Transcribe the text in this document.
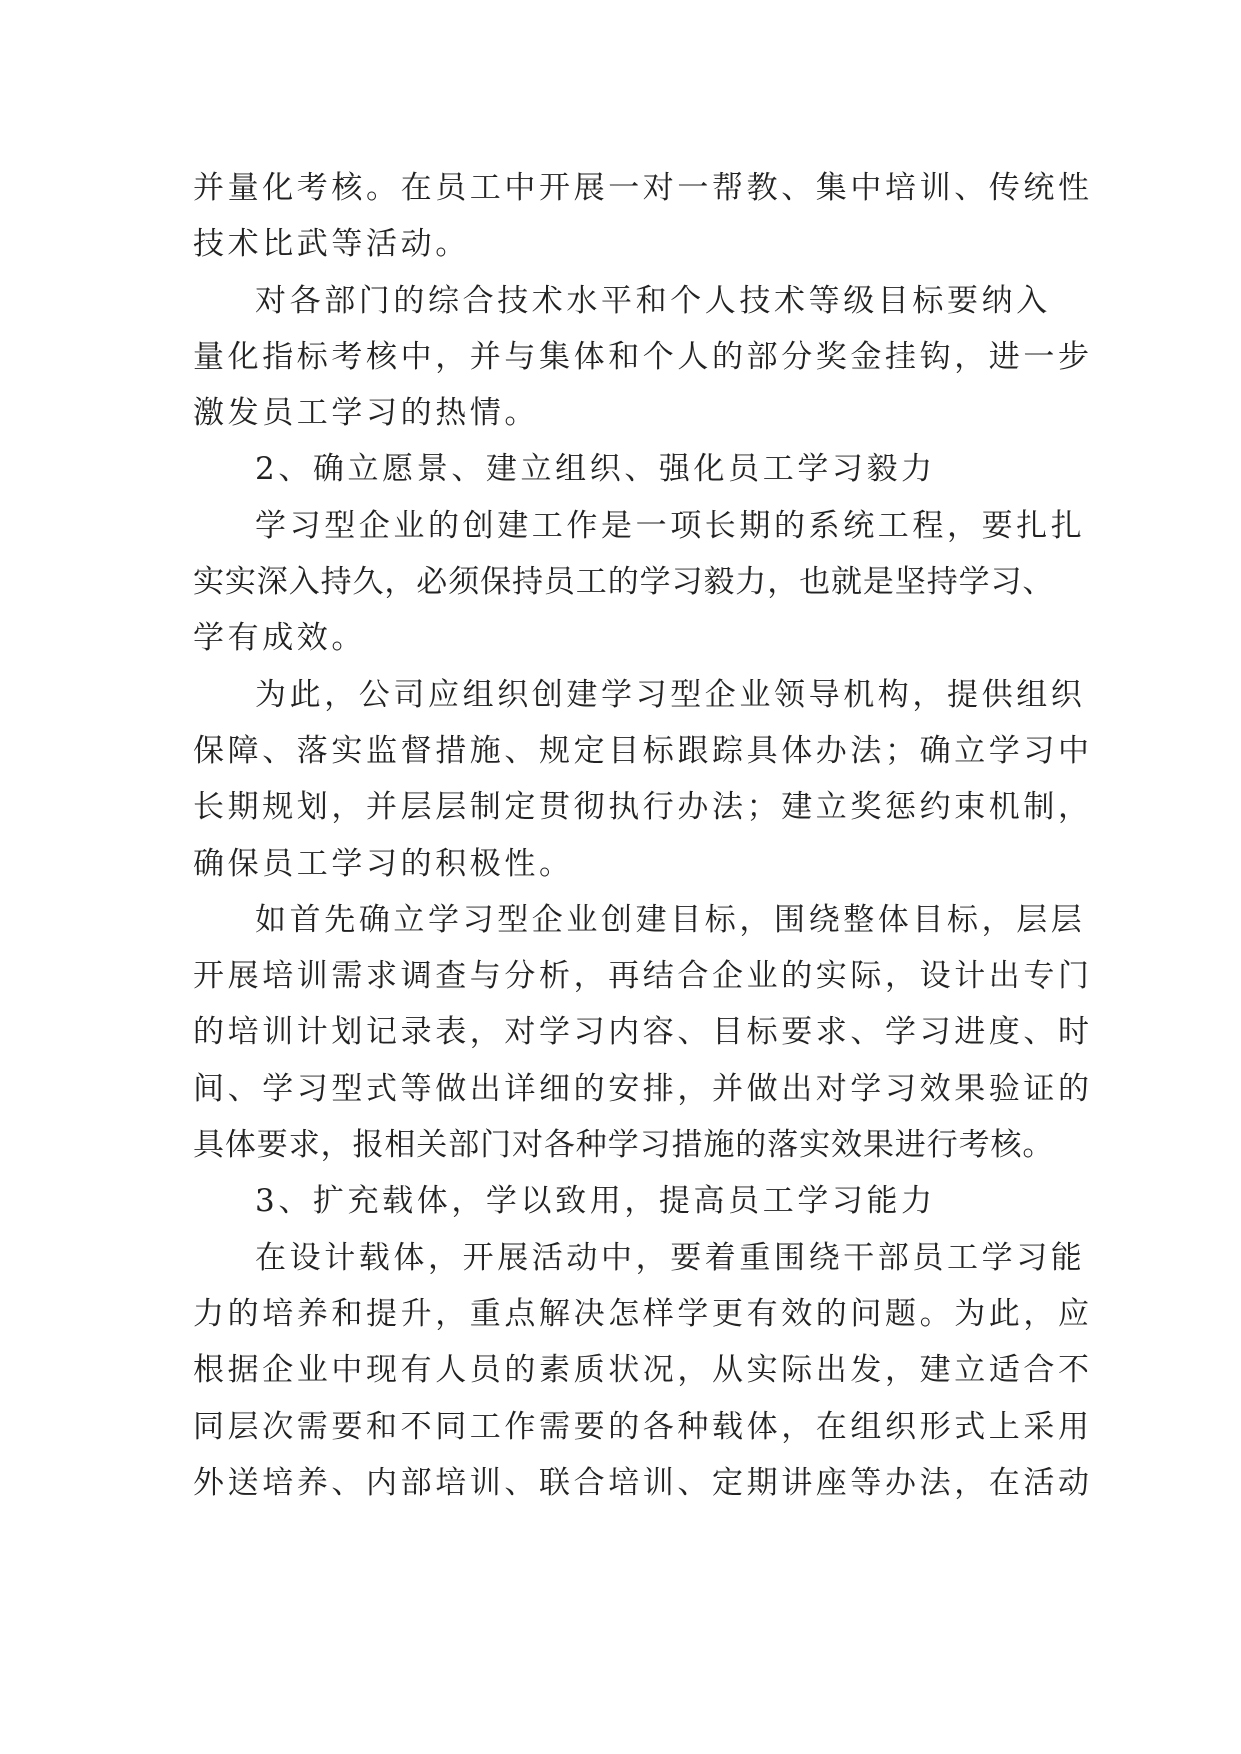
并量化考核。在员工中开展一对一帮教、集中培训、传统性

技术比武等活动。

对各部门的综合技术水平和个人技术等级目标要纳入

量化指标考核中，并与集体和个人的部分奖金挂钩，进一步

激发员工学习的热情。

2、确立愿景、建立组织、强化员工学习毅力

学习型企业的创建工作是一项长期的系统工程，要扎扎

实实深入持久，必须保持员工的学习毅力，也就是坚持学习、

学有成效。

为此，公司应组织创建学习型企业领导机构，提供组织

保障、落实监督措施、规定目标跟踪具体办法；确立学习中

长期规划，并层层制定贯彻执行办法；建立奖惩约束机制，

确保员工学习的积极性。

如首先确立学习型企业创建目标，围绕整体目标，层层

开展培训需求调查与分析，再结合企业的实际，设计出专门

的培训计划记录表，对学习内容、目标要求、学习进度、时

间、学习型式等做出详细的安排，并做出对学习效果验证的

具体要求，报相关部门对各种学习措施的落实效果进行考核。

3、扩充载体，学以致用，提高员工学习能力

在设计载体，开展活动中，要着重围绕干部员工学习能

力的培养和提升，重点解决怎样学更有效的问题。为此，应

根据企业中现有人员的素质状况，从实际出发，建立适合不

同层次需要和不同工作需要的各种载体，在组织形式上采用

外送培养、内部培训、联合培训、定期讲座等办法，在活动
